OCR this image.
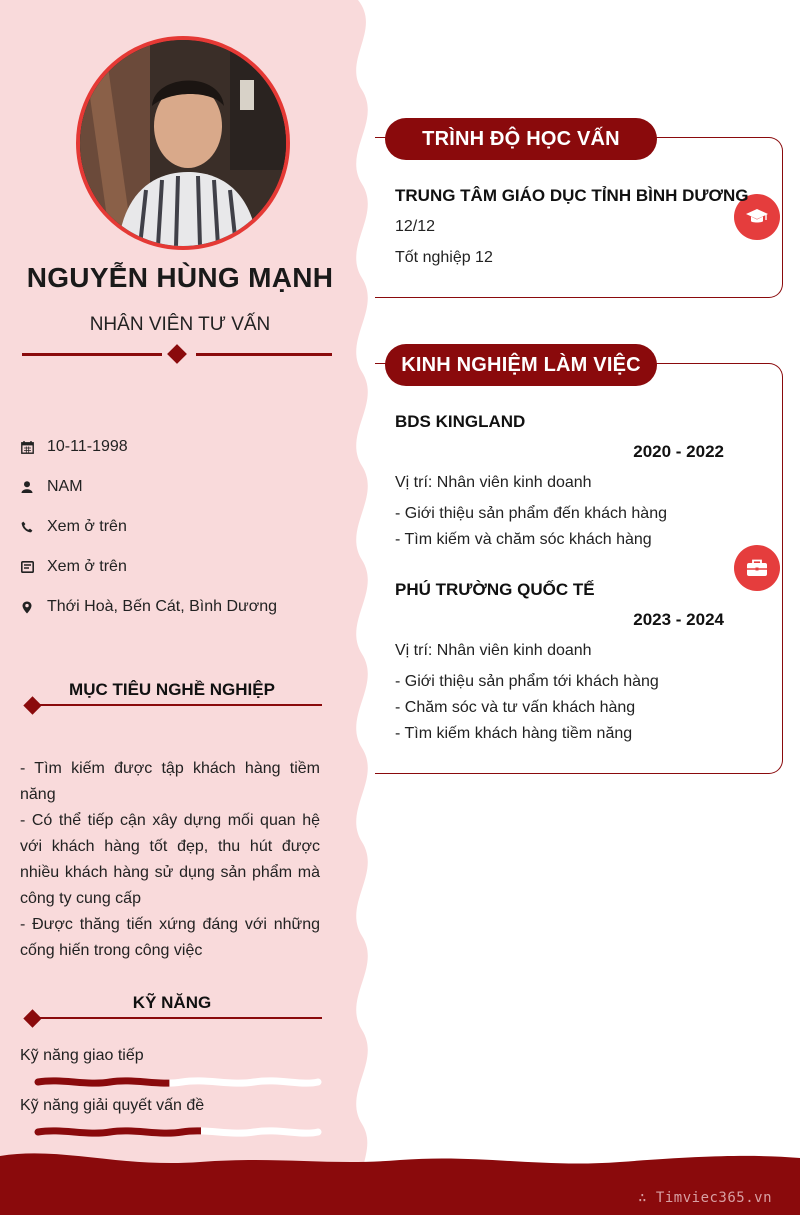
NGUYỄN HÙNG MẠNH
NHÂN VIÊN TƯ VẤN
10-11-1998
NAM
Xem ở trên
Xem ở trên
Thới Hoà, Bến Cát, Bình Dương
MỤC TIÊU NGHỀ NGHIỆP

- Tìm kiếm được tập khách hàng tiềm năng

- Có thể tiếp cận xây dựng mối quan hệ với khách hàng tốt đẹp, thu hút được nhiều khách hàng sử dụng sản phẩm mà công ty cung cấp

- Được thăng tiến xứng đáng với những cống hiến trong công việc

KỸ NĂNG
Kỹ năng giao tiếp
Kỹ năng giải quyết vấn đề
TRÌNH ĐỘ HỌC VẤN
TRUNG TÂM GIÁO DỤC TỈNH BÌNH DƯƠNG
12/12
Tốt nghiệp 12
KINH NGHIỆM LÀM VIỆC
BDS KINGLAND
2020 - 2022
Vị trí: Nhân viên kinh doanh
- Giới thiệu sản phẩm đến khách hàng
- Tìm kiếm và chăm sóc khách hàng
PHÚ TRƯỜNG QUỐC TẾ
2023 - 2024
Vị trí: Nhân viên kinh doanh
- Giới thiệu sản phẩm tới khách hàng
- Chăm sóc và tư vấn khách hàng
- Tìm kiếm khách hàng tiềm năng
∴ Timviec365.vn
